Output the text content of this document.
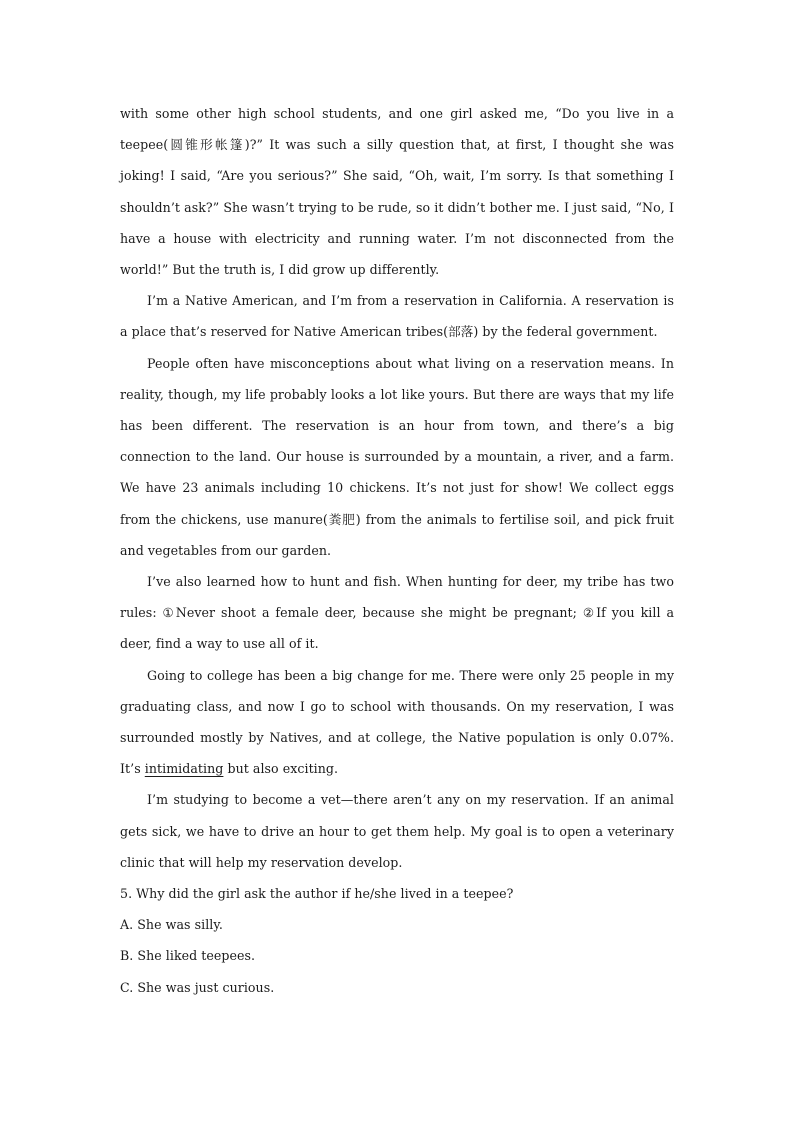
with some other high school students, and one girl asked me, “Do you live in a teepee(圆锥形帐篷)?” It was such a silly question that, at first, I thought she was joking! I said, “Are you serious?” She said, “Oh, wait, I’m sorry. Is that something I shouldn’t ask?” She wasn’t trying to be rude, so it didn’t bother me. I just said, “No, I have a house with electricity and running water. I’m not disconnected from the world!” But the truth is, I did grow up differently.

I’m a Native American, and I’m from a reservation in California. A reservation is a place that’s reserved for Native American tribes(部落) by the federal government.

People often have misconceptions about what living on a reservation means. In reality, though, my life probably looks a lot like yours. But there are ways that my life has been different. The reservation is an hour from town, and there’s a big connection to the land. Our house is surrounded by a mountain, a river, and a farm. We have 23 animals including 10 chickens. It’s not just for show! We collect eggs from the chickens, use manure(粪肥) from the animals to fertilise soil, and pick fruit and vegetables from our garden.

I’ve also learned how to hunt and fish. When hunting for deer, my tribe has two rules: ①Never shoot a female deer, because she might be pregnant; ②If you kill a deer, find a way to use all of it.

Going to college has been a big change for me. There were only 25 people in my graduating class, and now I go to school with thousands. On my reservation, I was surrounded mostly by Natives, and at college, the Native population is only 0.07%. It’s intimidating but also exciting.

I’m studying to become a vet—there aren’t any on my reservation. If an animal gets sick, we have to drive an hour to get them help. My goal is to open a veterinary clinic that will help my reservation develop.

5. Why did the girl ask the author if he/she lived in a teepee?

A. She was silly.

B. She liked teepees.

C. She was just curious.
